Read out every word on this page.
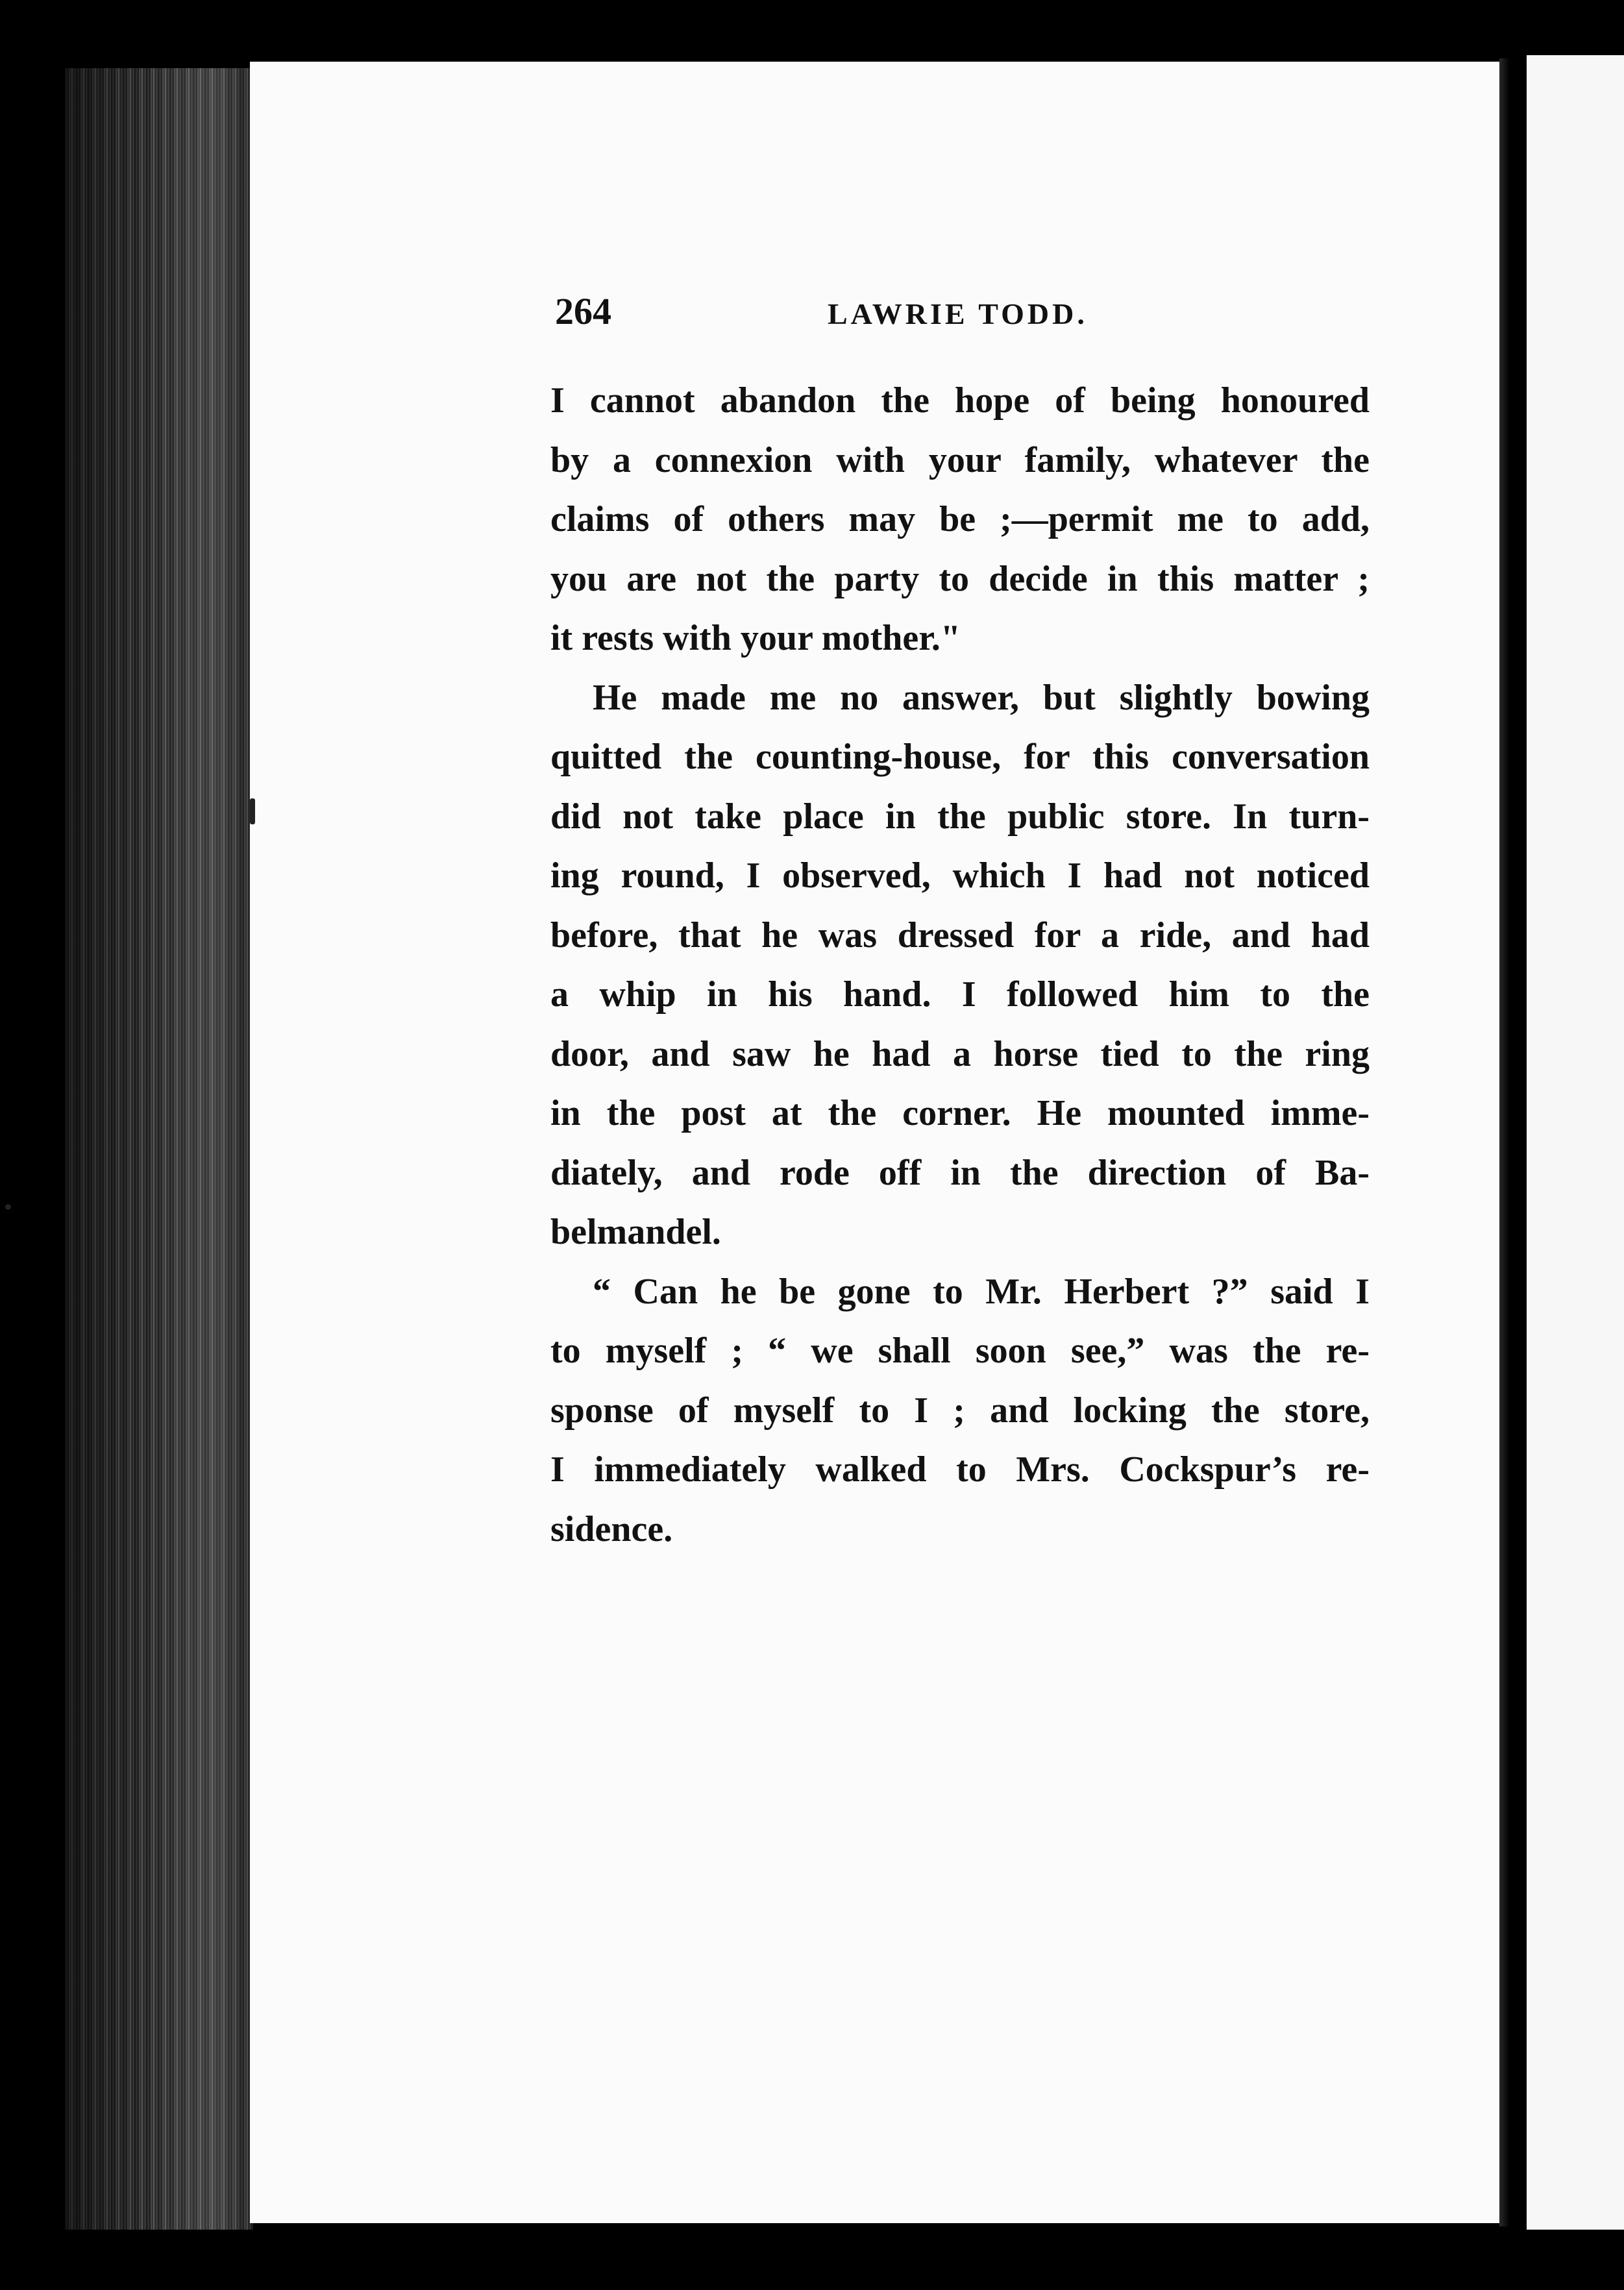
264	LAWRIE TODD.
I cannot abandon the hope of being honoured
by a connexion with your family, whatever the
claims of others may be ;—permit me to add,
you are not the party to decide in this matter ;
it rests with your mother."
He made me no answer, but slightly bowing
quitted the counting-house, for this conversation
did not take place in the public store. In turn-
ing round, I observed, which I had not noticed
before, that he was dressed for a ride, and had
a whip in his hand. I followed him to the
door, and saw he had a horse tied to the ring
in the post at the corner. He mounted imme-
diately, and rode off in the direction of Ba-
belmandel.
“ Can he be gone to Mr. Herbert ?” said I
to myself ; “ we shall soon see,” was the re-
sponse of myself to I ; and locking the store,
I immediately walked to Mrs. Cockspur’s re-
sidence.
